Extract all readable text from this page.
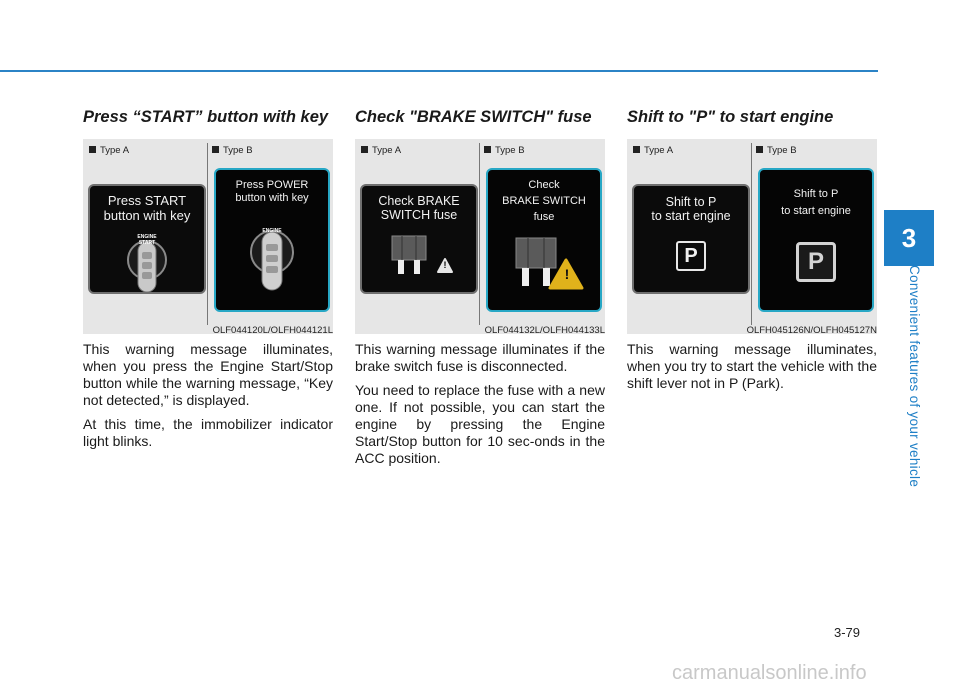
3
Convenient features of your vehicle
Press “START” button with key
Type A	Type B
Press START
button with key
ENGINE
START
Press POWER
button with key
ENGINE
OLF044120L/OLFH044121L

This warning message illuminates, when you press the Engine Start/Stop button while the warning message, “Key not detected,” is displayed.

At this time, the immobilizer indicator light blinks.

Check "BRAKE SWITCH" fuse
Type A	Type B
Check BRAKE
SWITCH fuse
!
Check
BRAKE SWITCH
fuse
!
OLF044132L/OLFH044133L

This warning message illuminates if the brake switch fuse is disconnected.

You need to replace the fuse with a new one. If not possible, you can start the engine by pressing the Engine Start/Stop button for 10 sec-onds in the ACC position.

Shift to "P" to start engine
Type A	Type B
Shift to P
to start engine
P
Shift to P
to start engine
P
OLFH045126N/OLFH045127N

This warning message illuminates, when you try to start the vehicle with the shift lever not in P (Park).

3-79
carmanualsonline.info
